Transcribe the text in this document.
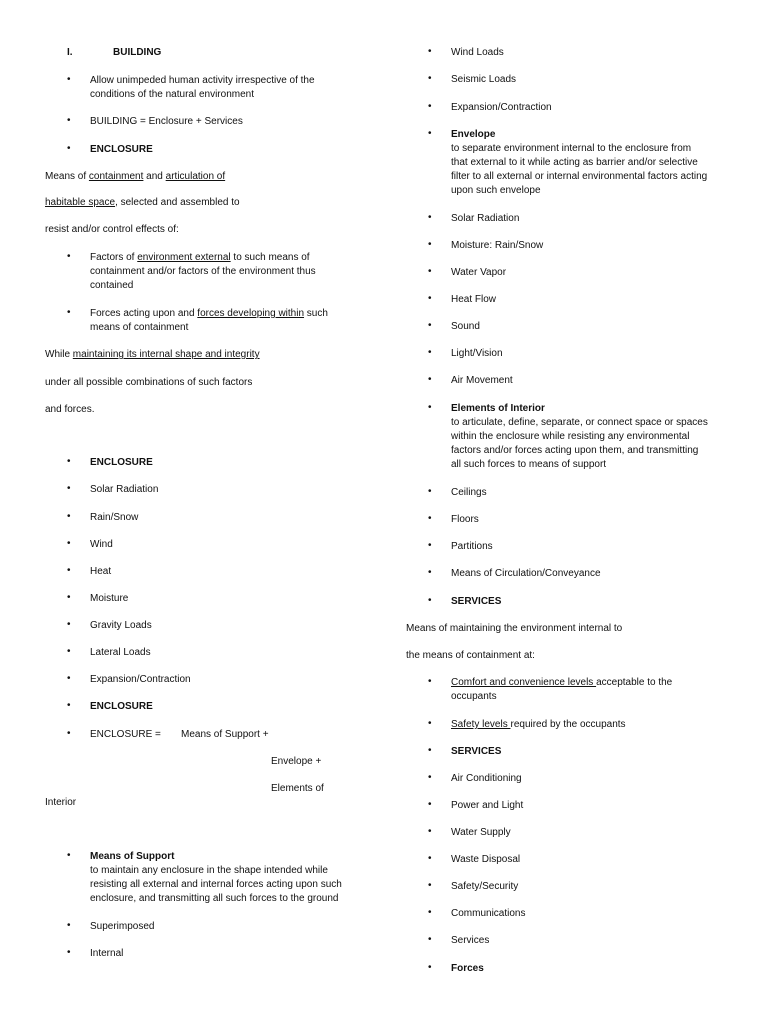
I.	BUILDING
• Allow unimpeded human activity irrespective of the
conditions of the natural environment
• BUILDING = Enclosure + Services
• ENCLOSURE
Means of containment and articulation of
habitable space, selected and assembled to
resist and/or control effects of:
• Factors of environment external to such means of
containment and/or factors of the environment thus
contained
• Forces acting upon and forces developing within such
means of containment
While maintaining its internal shape and integrity
under all possible combinations of such factors
and forces.
• ENCLOSURE
• Solar Radiation
• Rain/Snow
• Wind
• Heat
• Moisture
• Gravity Loads
• Lateral Loads
• Expansion/Contraction
• ENCLOSURE
• ENCLOSURE = Means of Support +
Envelope +
Elements of
Interior
• Means of Support
to maintain any enclosure in the shape intended while
resisting all external and internal forces acting upon such
enclosure, and transmitting all such forces to the ground
• Superimposed
• Internal
• Wind Loads
• Seismic Loads
• Expansion/Contraction
• Envelope
to separate environment internal to the enclosure from
that external to it while acting as barrier and/or selective
filter to all external or internal environmental factors acting
upon such envelope
• Solar Radiation
• Moisture: Rain/Snow
• Water Vapor
• Heat Flow
• Sound
• Light/Vision
• Air Movement
• Elements of Interior
to articulate, define, separate, or connect space or spaces
within the enclosure while resisting any environmental
factors and/or forces acting upon them, and transmitting
all such forces to means of support
• Ceilings
• Floors
• Partitions
• Means of Circulation/Conveyance
• SERVICES
Means of maintaining the environment internal to
the means of containment at:
• Comfort and convenience levels acceptable to the
occupants
• Safety levels required by the occupants
• SERVICES
• Air Conditioning
• Power and Light
• Water Supply
• Waste Disposal
• Safety/Security
• Communications
• Services
• Forces
